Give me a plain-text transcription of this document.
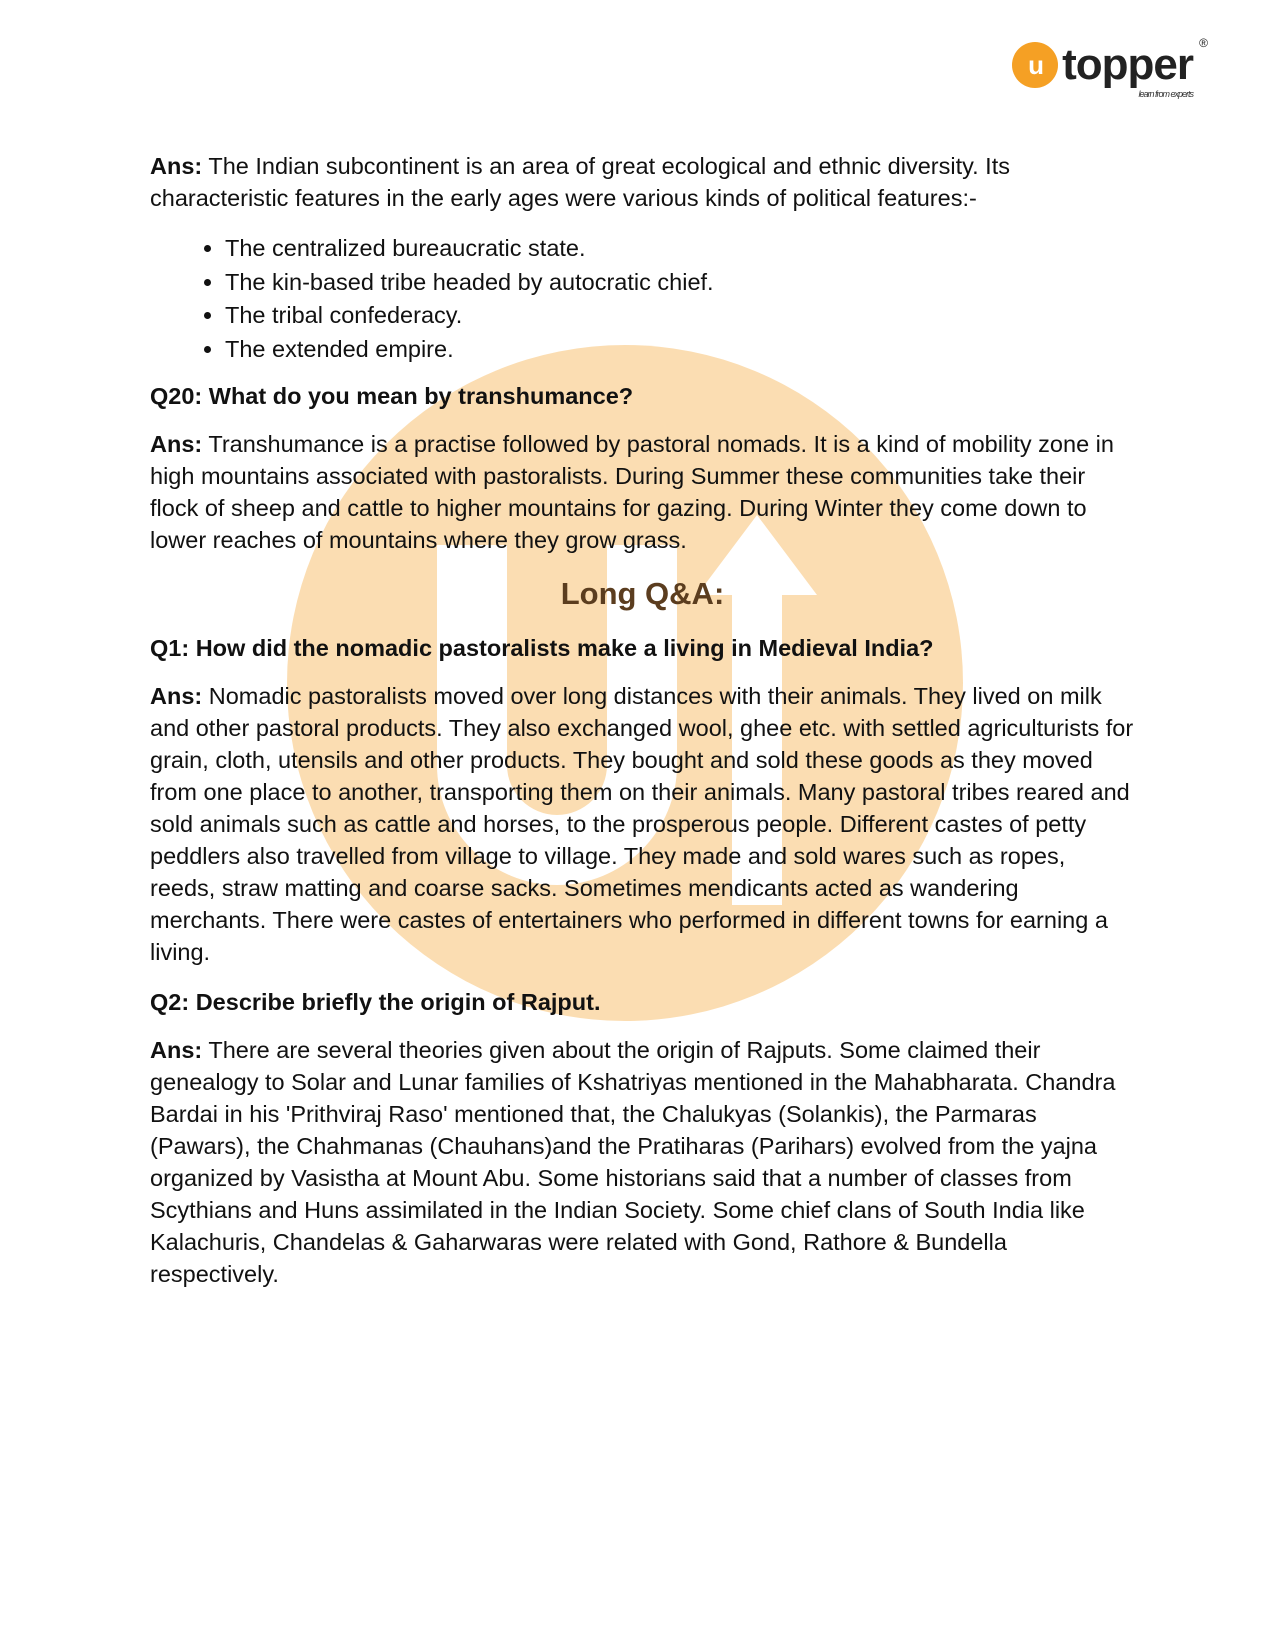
u topper ®
learn from experts

Ans: The Indian subcontinent is an area of great ecological and ethnic diversity. Its characteristic features in the early ages were various kinds of political features:-

• The centralized bureaucratic state.
• The kin-based tribe headed by autocratic chief.
• The tribal confederacy.
• The extended empire.
Q20: What do you mean by transhumance?

Ans: Transhumance is a practise followed by pastoral nomads. It is a kind of mobility zone in high mountains associated with pastoralists. During Summer these communities take their flock of sheep and cattle to higher mountains for gazing. During Winter they come down to lower reaches of mountains where they grow grass.

Long Q&A:
Q1: How did the nomadic pastoralists make a living in Medieval India?

Ans: Nomadic pastoralists moved over long distances with their animals. They lived on milk and other pastoral products. They also exchanged wool, ghee etc. with settled agriculturists for grain, cloth, utensils and other products. They bought and sold these goods as they moved from one place to another, transporting them on their animals. Many pastoral tribes reared and sold animals such as cattle and horses, to the prosperous people. Different castes of petty peddlers also travelled from village to village. They made and sold wares such as ropes, reeds, straw matting and coarse sacks. Sometimes mendicants acted as wandering merchants. There were castes of entertainers who performed in different towns for earning a living.

Q2: Describe briefly the origin of Rajput.

Ans: There are several theories given about the origin of Rajputs. Some claimed their genealogy to Solar and Lunar families of Kshatriyas mentioned in the Mahabharata. Chandra Bardai in his 'Prithviraj Raso' mentioned that, the Chalukyas (Solankis), the Parmaras (Pawars), the Chahmanas (Chauhans)and the Pratiharas (Parihars) evolved from the yajna organized by Vasistha at Mount Abu. Some historians said that a number of classes from Scythians and Huns assimilated in the Indian Society. Some chief clans of South India like Kalachuris, Chandelas & Gaharwaras were related with Gond, Rathore & Bundella respectively.
